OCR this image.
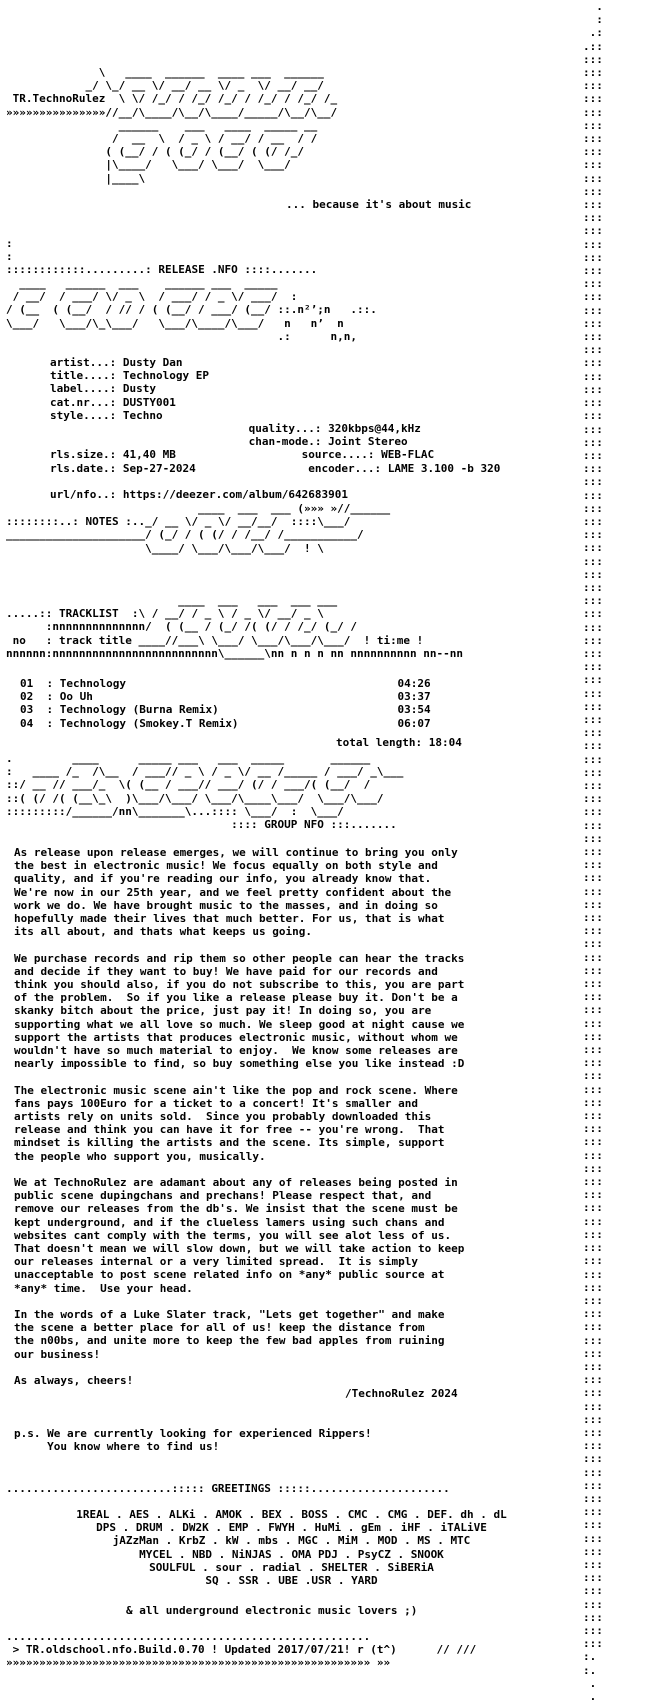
.
:
.:
.::
:::
:::
:::
:::
:::
:::
:::
:::
:::
:::
:::
:::
:::
:::
:::
:::
:::
:::
:::
:::
:::
:::
:::
:::
:::
:::
:::
:::
:::
:::
:::
:::
:::
:::
:::
:::
:::
:::
:::
:::
:::
:::
:::
:::
:::
:::
:::
:::
:::
:::
:::
:::
:::
:::
:::
:::
:::
:::
:::
:::
:::
:::
:::
:::
:::
:::
:::
:::
:::
:::
:::
:::
:::
:::
:::
:::
:::
:::
:::
:::
:::
:::
:::
:::
:::
:::
:::
:::
:::
:::
:::
:::
:::
:::
:::
:::
:::
:::
:::
:::
:::
:::
:::
:::
:::
:::
:::
:::
:::
:::
:::
:::
:::
:::
:::
:::
:::
:::
:::
:::
:::
:.
:.
.
.
\   ____  ______  ____ ___  ______
_/ \_/ __ \/ __/ __ \/ _  \/ __/ __/
TR.TechnoRulez  \ \/ /_/ / /_/ /_/ / /_/ / /_/ /_
»»»»»»»»»»»»»»»//__/\____/\__/\____/_____/\__/\__/
______    ___   ____  _____ __
/  __  \  / _ \ / __/ / __  / /
( (__/ / ( (_/ / (__/ ( (/ /_/
|\____/   \___/ \___/  \___/
|____\
... because it's about music
:
:
::::::::::::.........: RELEASE .NFO ::::.......
____   ______  ___    ______ ___  _____
/ __/  / ___/ \/ _ \  / ___/ / _ \/ ___/  :
/ (__  ( (__/  / // / ( (__/ / ___/ (__/ ::.n²’;n   .::.
\___/   \___/\_\___/   \___/\____/\___/   n   n’  n
.:      n,n,
artist...: Dusty Dan
title....: Technology EP
label....: Dusty
cat.nr...: DUSTY001
style....: Techno
quality...: 320kbps@44,kHz
chan-mode.: Joint Stereo
rls.size.: 41,40 MB                   source....: WEB-FLAC
rls.date.: Sep-27-2024                 encoder...: LAME 3.100 -b 320

url/nfo..: https://deezer.com/album/642683901
____  ___  ___ (»»» »//______
::::::::..: NOTES :.._/ __ \/ _ \/ __/__/  ::::\___/
_____________________/ (_/ / ( (/ / /__/ /___________/
\____/ \___/\___/\___/  ! \
____  ___   ___  ___ ___
.....:: TRACKLIST  :\ / __/ / _ \ / _ \/ __/ _ \
:nnnnnnnnnnnnnn/  ( (__ / (_/ /( (/ / /_/ (_/ /
no   : track title ____//___\ \___/ \___/\___/\___/  ! ti:me !
nnnnnn:nnnnnnnnnnnnnnnnnnnnnnnnn\______\nn n n n nn nnnnnnnnnn nn--nn
01  : Technology	04:26
02  : Oo Uh	03:37
03  : Technology (Burna Remix)	03:54
04  : Technology (Smokey.T Remix)	06:07
total length: 18:04
.         ____      _____ ___   ___  _____       ______
:   ____ /_  /\__  / ___// _ \ / _ \/ __ /_____ / ___/ _\___
::/ __ // ___/_  \( (__ / ___// ___/ (/ / ___/( (__/  /
::( (/ /( (__\_\  )\___/\___/ \___/\____\___/  \___/\___/
:::::::::/______/nn\_______\...:::: \___/  :  \___/
:::: GROUP NFO :::.......
As release upon release emerges, we will continue to bring you only
the best in electronic music! We focus equally on both style and
quality, and if you're reading our info, you already know that.
We're now in our 25th year, and we feel pretty confident about the
work we do. We have brought music to the masses, and in doing so
hopefully made their lives that much better. For us, that is what
its all about, and thats what keeps us going.
We purchase records and rip them so other people can hear the tracks
and decide if they want to buy! We have paid for our records and
think you should also, if you do not subscribe to this, you are part
of the problem.  So if you like a release please buy it. Don't be a
skanky bitch about the price, just pay it! In doing so, you are
supporting what we all love so much. We sleep good at night cause we
support the artists that produces electronic music, without whom we
wouldn't have so much material to enjoy.  We know some releases are
nearly impossible to find, so buy something else you like instead :D
The electronic music scene ain't like the pop and rock scene. Where
fans pays 100Euro for a ticket to a concert! It's smaller and
artists rely on units sold.  Since you probably downloaded this
release and think you can have it for free -- you're wrong.  That
mindset is killing the artists and the scene. Its simple, support
the people who support you, musically.
We at TechnoRulez are adamant about any of releases being posted in
public scene dupingchans and prechans! Please respect that, and
remove our releases from the db's. We insist that the scene must be
kept underground, and if the clueless lamers using such chans and
websites cant comply with the terms, you will see alot less of us.
That doesn't mean we will slow down, but we will take action to keep
our releases internal or a very limited spread.  It is simply
unacceptable to post scene related info on *any* public source at
*any* time.  Use your head.
In the words of a Luke Slater track, "Lets get together" and make
the scene a better place for all of us! keep the distance from
the n00bs, and unite more to keep the few bad apples from ruining
our business!
As always, cheers!
/TechnoRulez 2024
p.s. We are currently looking for experienced Rippers!
You know where to find us!
.........................::::: GREETINGS :::::.....................
1REAL . AES . ALKi . AMOK . BEX . BOSS . CMC . CMG . DEF. dh . dL
DPS . DRUM . DW2K . EMP . FWYH . HuMi . gEm . iHF . iTALiVE
jAZzMan . KrbZ . kW . mbs . MGC . MiM . MOD . MS . MTC
MYCEL . NBD . NiNJAS . OMA PDJ . PsyCZ . SNOOK
SOULFUL . sour . radial . SHELTER . SiBERiA
SQ . SSR . UBE .USR . YARD
& all underground electronic music lovers ;)
.......................................................
> TR.oldschool.nfo.Build.0.70 ! Updated 2017/07/21! r (t^)      // ///
»»»»»»»»»»»»»»»»»»»»»»»»»»»»»»»»»»»»»»»»»»»»»»»»»»»»»»» »»
